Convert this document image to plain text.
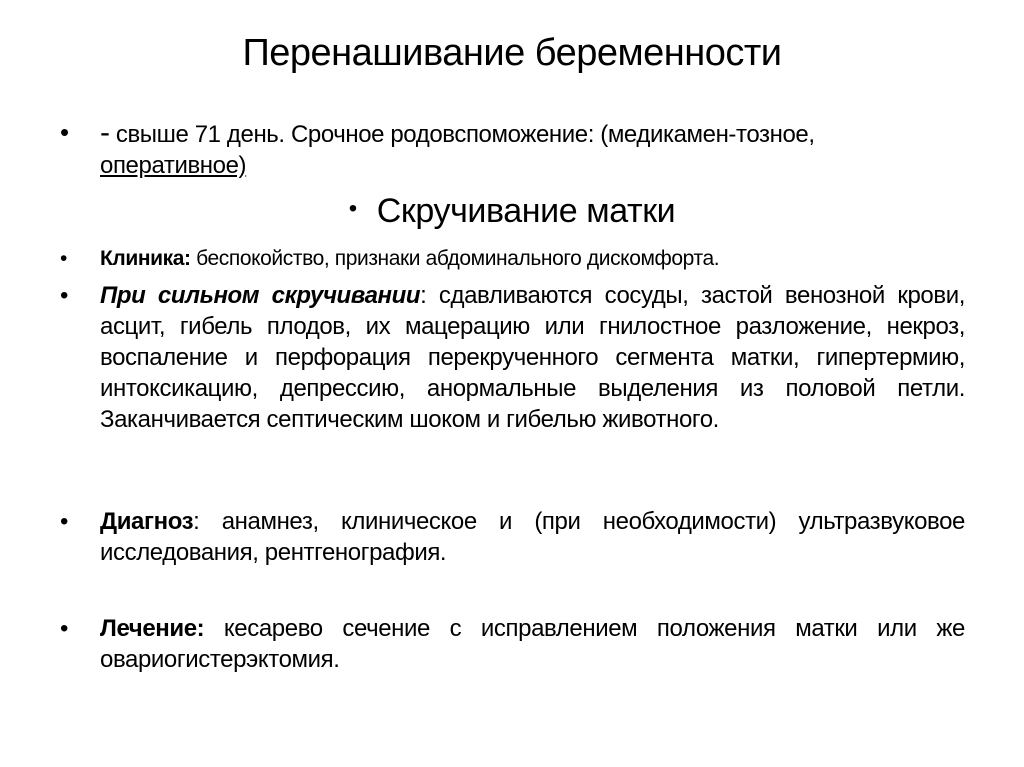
Перенашивание беременности
•	- свыше 71 день. Срочное родовспоможение: (медикамен-тозное, оперативное)
• Скручивание матки
•	Клиника: беспокойство, признаки абдоминального дискомфорта.
•	При сильном скручивании: сдавливаются сосуды, застой венозной крови, асцит, гибель плодов, их мацерацию или гнилостное разложение, некроз, воспаление и перфорация перекрученного сегмента матки, гипертермию, интоксикацию, депрессию, анормальные выделения из половой петли. Заканчивается септическим шоком и гибелью животного.
•	Диагноз: анамнез, клиническое и (при необходимости) ультразвуковое исследования, рентгенография.
•	Лечение: кесарево сечение с исправлением положения матки или же овариогистерэктомия.
